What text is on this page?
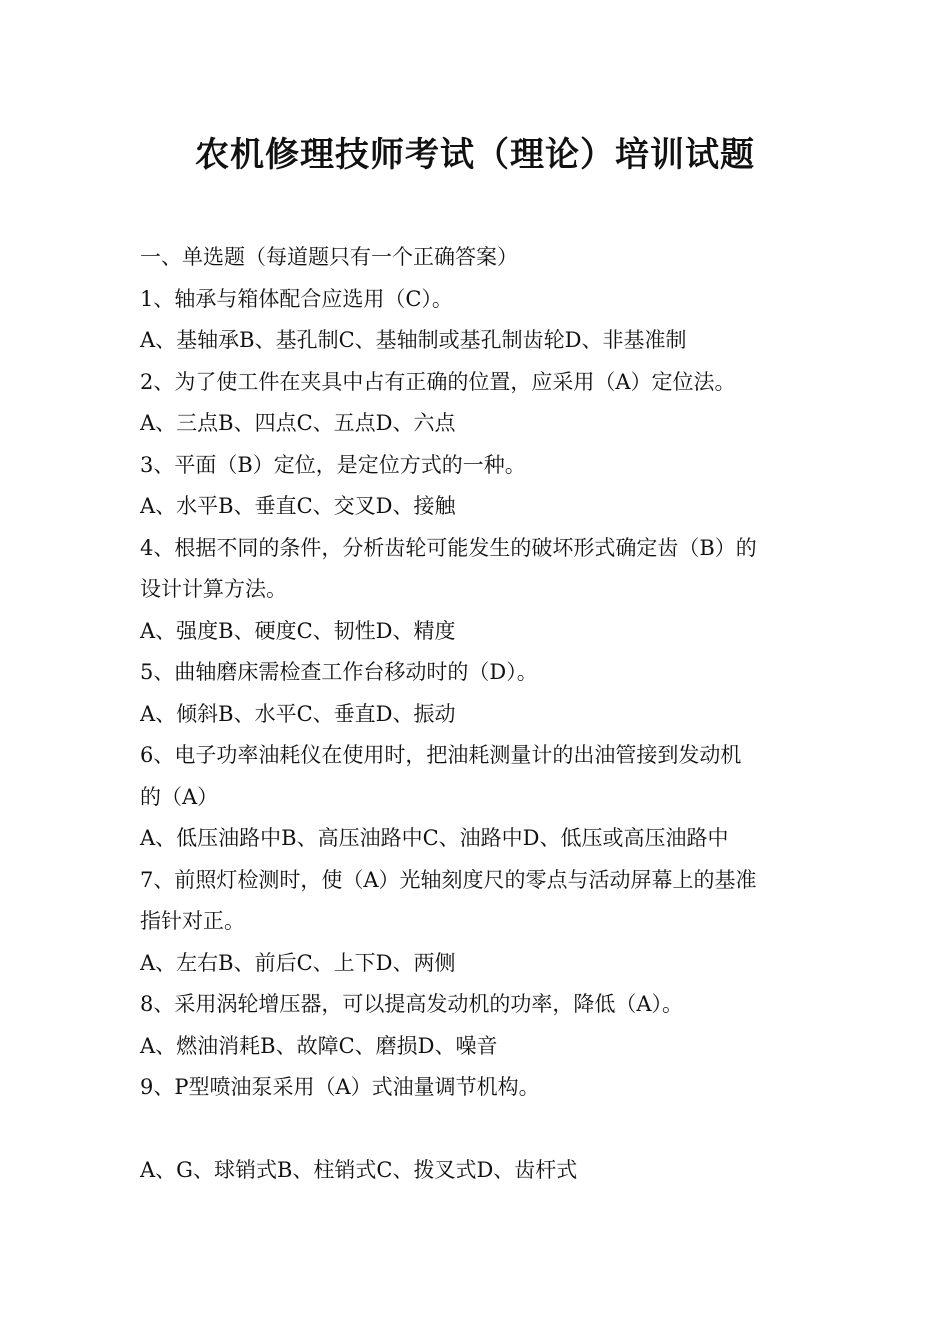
农机修理技师考试（理论）培训试题
一、单选题（每道题只有一个正确答案）
1、轴承与箱体配合应选用（C）。
A、基轴承B、基孔制C、基轴制或基孔制齿轮D、非基准制
2、为了使工件在夹具中占有正确的位置，应采用（A）定位法。
A、三点B、四点C、五点D、六点
3、平面（B）定位，是定位方式的一种。
A、水平B、垂直C、交叉D、接触
4、根据不同的条件，分析齿轮可能发生的破坏形式确定齿（B）的
设计计算方法。
A、强度B、硬度C、韧性D、精度
5、曲轴磨床需检查工作台移动时的（D）。
A、倾斜B、水平C、垂直D、振动
6、电子功率油耗仪在使用时，把油耗测量计的出油管接到发动机
的（A）
A、低压油路中B、高压油路中C、油路中D、低压或高压油路中
7、前照灯检测时，使（A）光轴刻度尺的零点与活动屏幕上的基准
指针对正。
A、左右B、前后C、上下D、两侧
8、采用涡轮增压器，可以提高发动机的功率，降低（A）。
A、燃油消耗B、故障C、磨损D、噪音
9、P型喷油泵采用（A）式油量调节机构。
A、G、球销式B、柱销式C、拨叉式D、齿杆式
